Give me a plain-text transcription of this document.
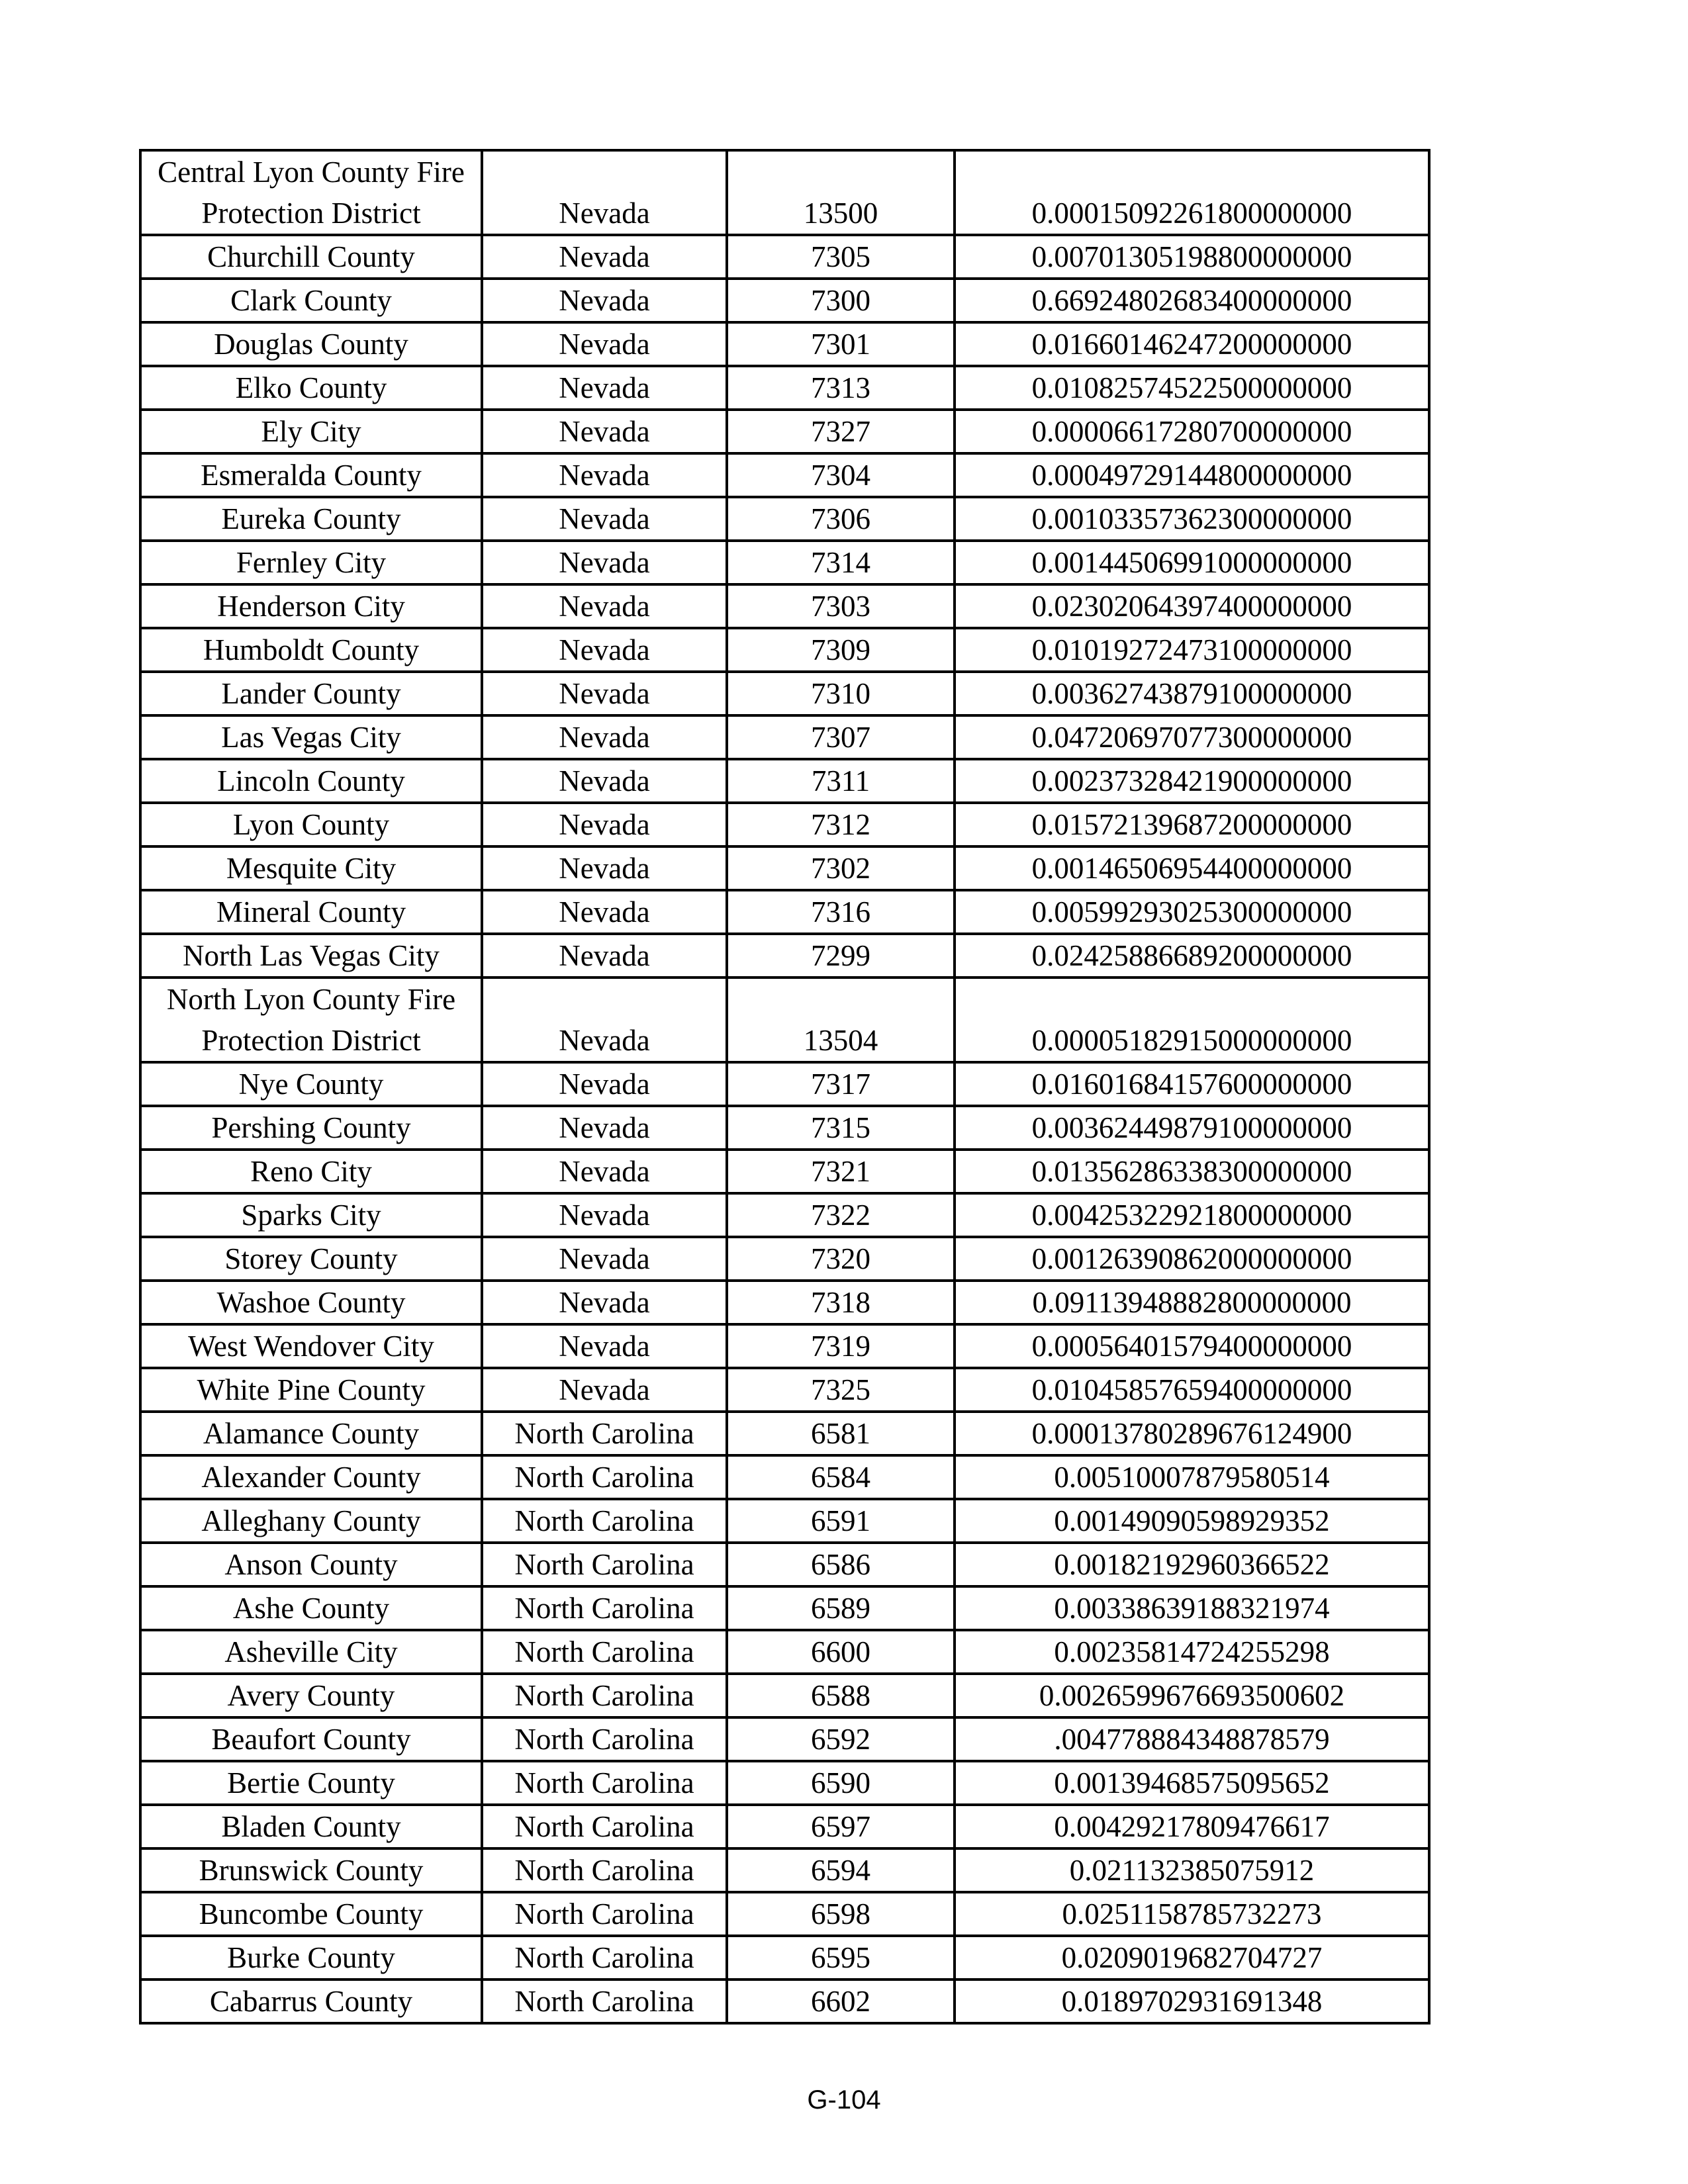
Central Lyon County Fire Protection District	Nevada	13500	0.00015092261800000000
Churchill County	Nevada	7305	0.00701305198800000000
Clark County	Nevada	7300	0.66924802683400000000
Douglas County	Nevada	7301	0.01660146247200000000
Elko County	Nevada	7313	0.01082574522500000000
Ely City	Nevada	7327	0.00006617280700000000
Esmeralda County	Nevada	7304	0.00049729144800000000
Eureka County	Nevada	7306	0.00103357362300000000
Fernley City	Nevada	7314	0.00144506991000000000
Henderson City	Nevada	7303	0.02302064397400000000
Humboldt County	Nevada	7309	0.01019272473100000000
Lander County	Nevada	7310	0.00362743879100000000
Las Vegas City	Nevada	7307	0.04720697077300000000
Lincoln County	Nevada	7311	0.00237328421900000000
Lyon County	Nevada	7312	0.01572139687200000000
Mesquite City	Nevada	7302	0.00146506954400000000
Mineral County	Nevada	7316	0.00599293025300000000
North Las Vegas City	Nevada	7299	0.02425886689200000000
North Lyon County Fire Protection District	Nevada	13504	0.00005182915000000000
Nye County	Nevada	7317	0.01601684157600000000
Pershing County	Nevada	7315	0.00362449879100000000
Reno City	Nevada	7321	0.01356286338300000000
Sparks City	Nevada	7322	0.00425322921800000000
Storey County	Nevada	7320	0.00126390862000000000
Washoe County	Nevada	7318	0.09113948882800000000
West Wendover City	Nevada	7319	0.00056401579400000000
White Pine County	Nevada	7325	0.01045857659400000000
Alamance County	North Carolina	6581	0.00013780289676124900
Alexander County	North Carolina	6584	0.00510007879580514
Alleghany County	North Carolina	6591	0.00149090598929352
Anson County	North Carolina	6586	0.00182192960366522
Ashe County	North Carolina	6589	0.00338639188321974
Asheville City	North Carolina	6600	0.00235814724255298
Avery County	North Carolina	6588	0.0026599676693500602
Beaufort County	North Carolina	6592	.004778884348878579
Bertie County	North Carolina	6590	0.00139468575095652
Bladen County	North Carolina	6597	0.00429217809476617
Brunswick County	North Carolina	6594	0.021132385075912
Buncombe County	North Carolina	6598	0.0251158785732273
Burke County	North Carolina	6595	0.0209019682704727
Cabarrus County	North Carolina	6602	0.0189702931691348
G-104
